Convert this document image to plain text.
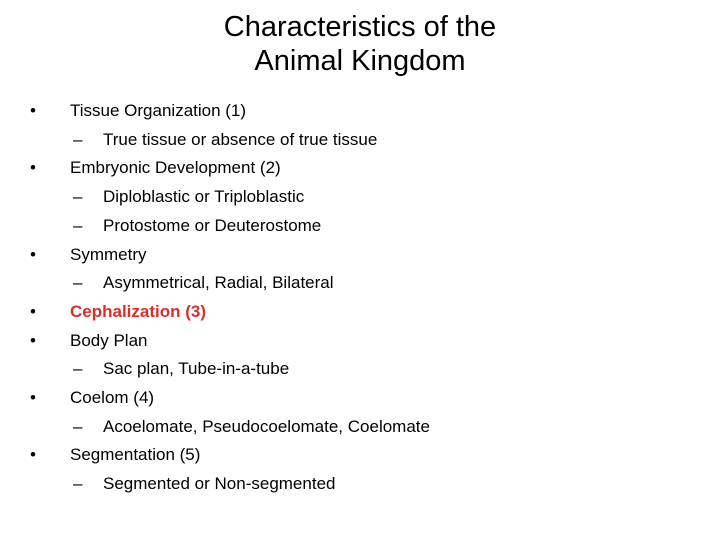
Characteristics of the
Animal Kingdom
•	Tissue Organization (1)
– True tissue or absence of true tissue
•	Embryonic Development (2)
– Diploblastic or Triploblastic
– Protostome or Deuterostome
•	Symmetry
– Asymmetrical, Radial, Bilateral
•	Cephalization (3)
•	Body Plan
– Sac plan, Tube-in-a-tube
•	Coelom (4)
– Acoelomate, Pseudocoelomate, Coelomate
•	Segmentation (5)
– Segmented or Non-segmented
